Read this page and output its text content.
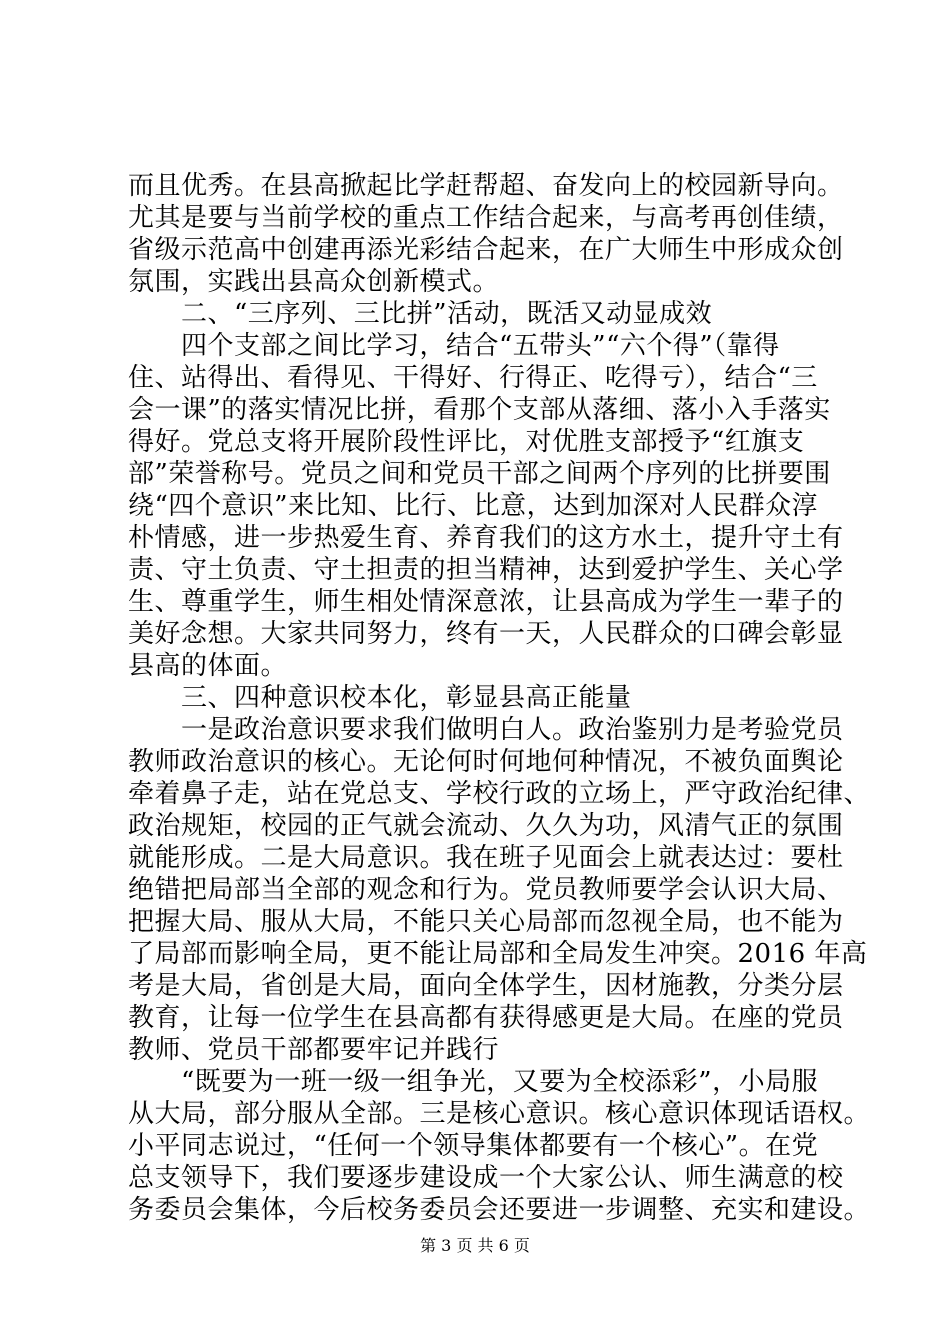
而且优秀。在县高掀起比学赶帮超、奋发向上的校园新导向。
尤其是要与当前学校的重点工作结合起来，与高考再创佳绩，
省级示范高中创建再添光彩结合起来，在广大师生中形成众创
氛围，实践出县高众创新模式。
　　二、“三序列、三比拼”活动，既活又动显成效
　　四个支部之间比学习，结合“五带头”“六个得”（靠得
住、站得出、看得见、干得好、行得正、吃得亏），结合“三
会一课”的落实情况比拼，看那个支部从落细、落小入手落实
得好。党总支将开展阶段性评比，对优胜支部授予“红旗支
部”荣誉称号。党员之间和党员干部之间两个序列的比拼要围
绕“四个意识”来比知、比行、比意，达到加深对人民群众淳
朴情感，进一步热爱生育、养育我们的这方水土，提升守土有
责、守土负责、守土担责的担当精神，达到爱护学生、关心学
生、尊重学生，师生相处情深意浓，让县高成为学生一辈子的
美好念想。大家共同努力，终有一天，人民群众的口碑会彰显
县高的体面。
　　三、四种意识校本化，彰显县高正能量
　　一是政治意识要求我们做明白人。政治鉴别力是考验党员
教师政治意识的核心。无论何时何地何种情况，不被负面舆论
牵着鼻子走，站在党总支、学校行政的立场上，严守政治纪律、
政治规矩，校园的正气就会流动、久久为功，风清气正的氛围
就能形成。二是大局意识。我在班子见面会上就表达过：要杜
绝错把局部当全部的观念和行为。党员教师要学会认识大局、
把握大局、服从大局，不能只关心局部而忽视全局，也不能为
了局部而影响全局，更不能让局部和全局发生冲突。2016 年高
考是大局，省创是大局，面向全体学生，因材施教，分类分层
教育，让每一位学生在县高都有获得感更是大局。在座的党员
教师、党员干部都要牢记并践行
　　“既要为一班一级一组争光，又要为全校添彩”，小局服
从大局，部分服从全部。三是核心意识。核心意识体现话语权。
小平同志说过，“任何一个领导集体都要有一个核心”。在党
总支领导下，我们要逐步建设成一个大家公认、师生满意的校
务委员会集体，今后校务委员会还要进一步调整、充实和建设。
第 3 页 共 6 页
